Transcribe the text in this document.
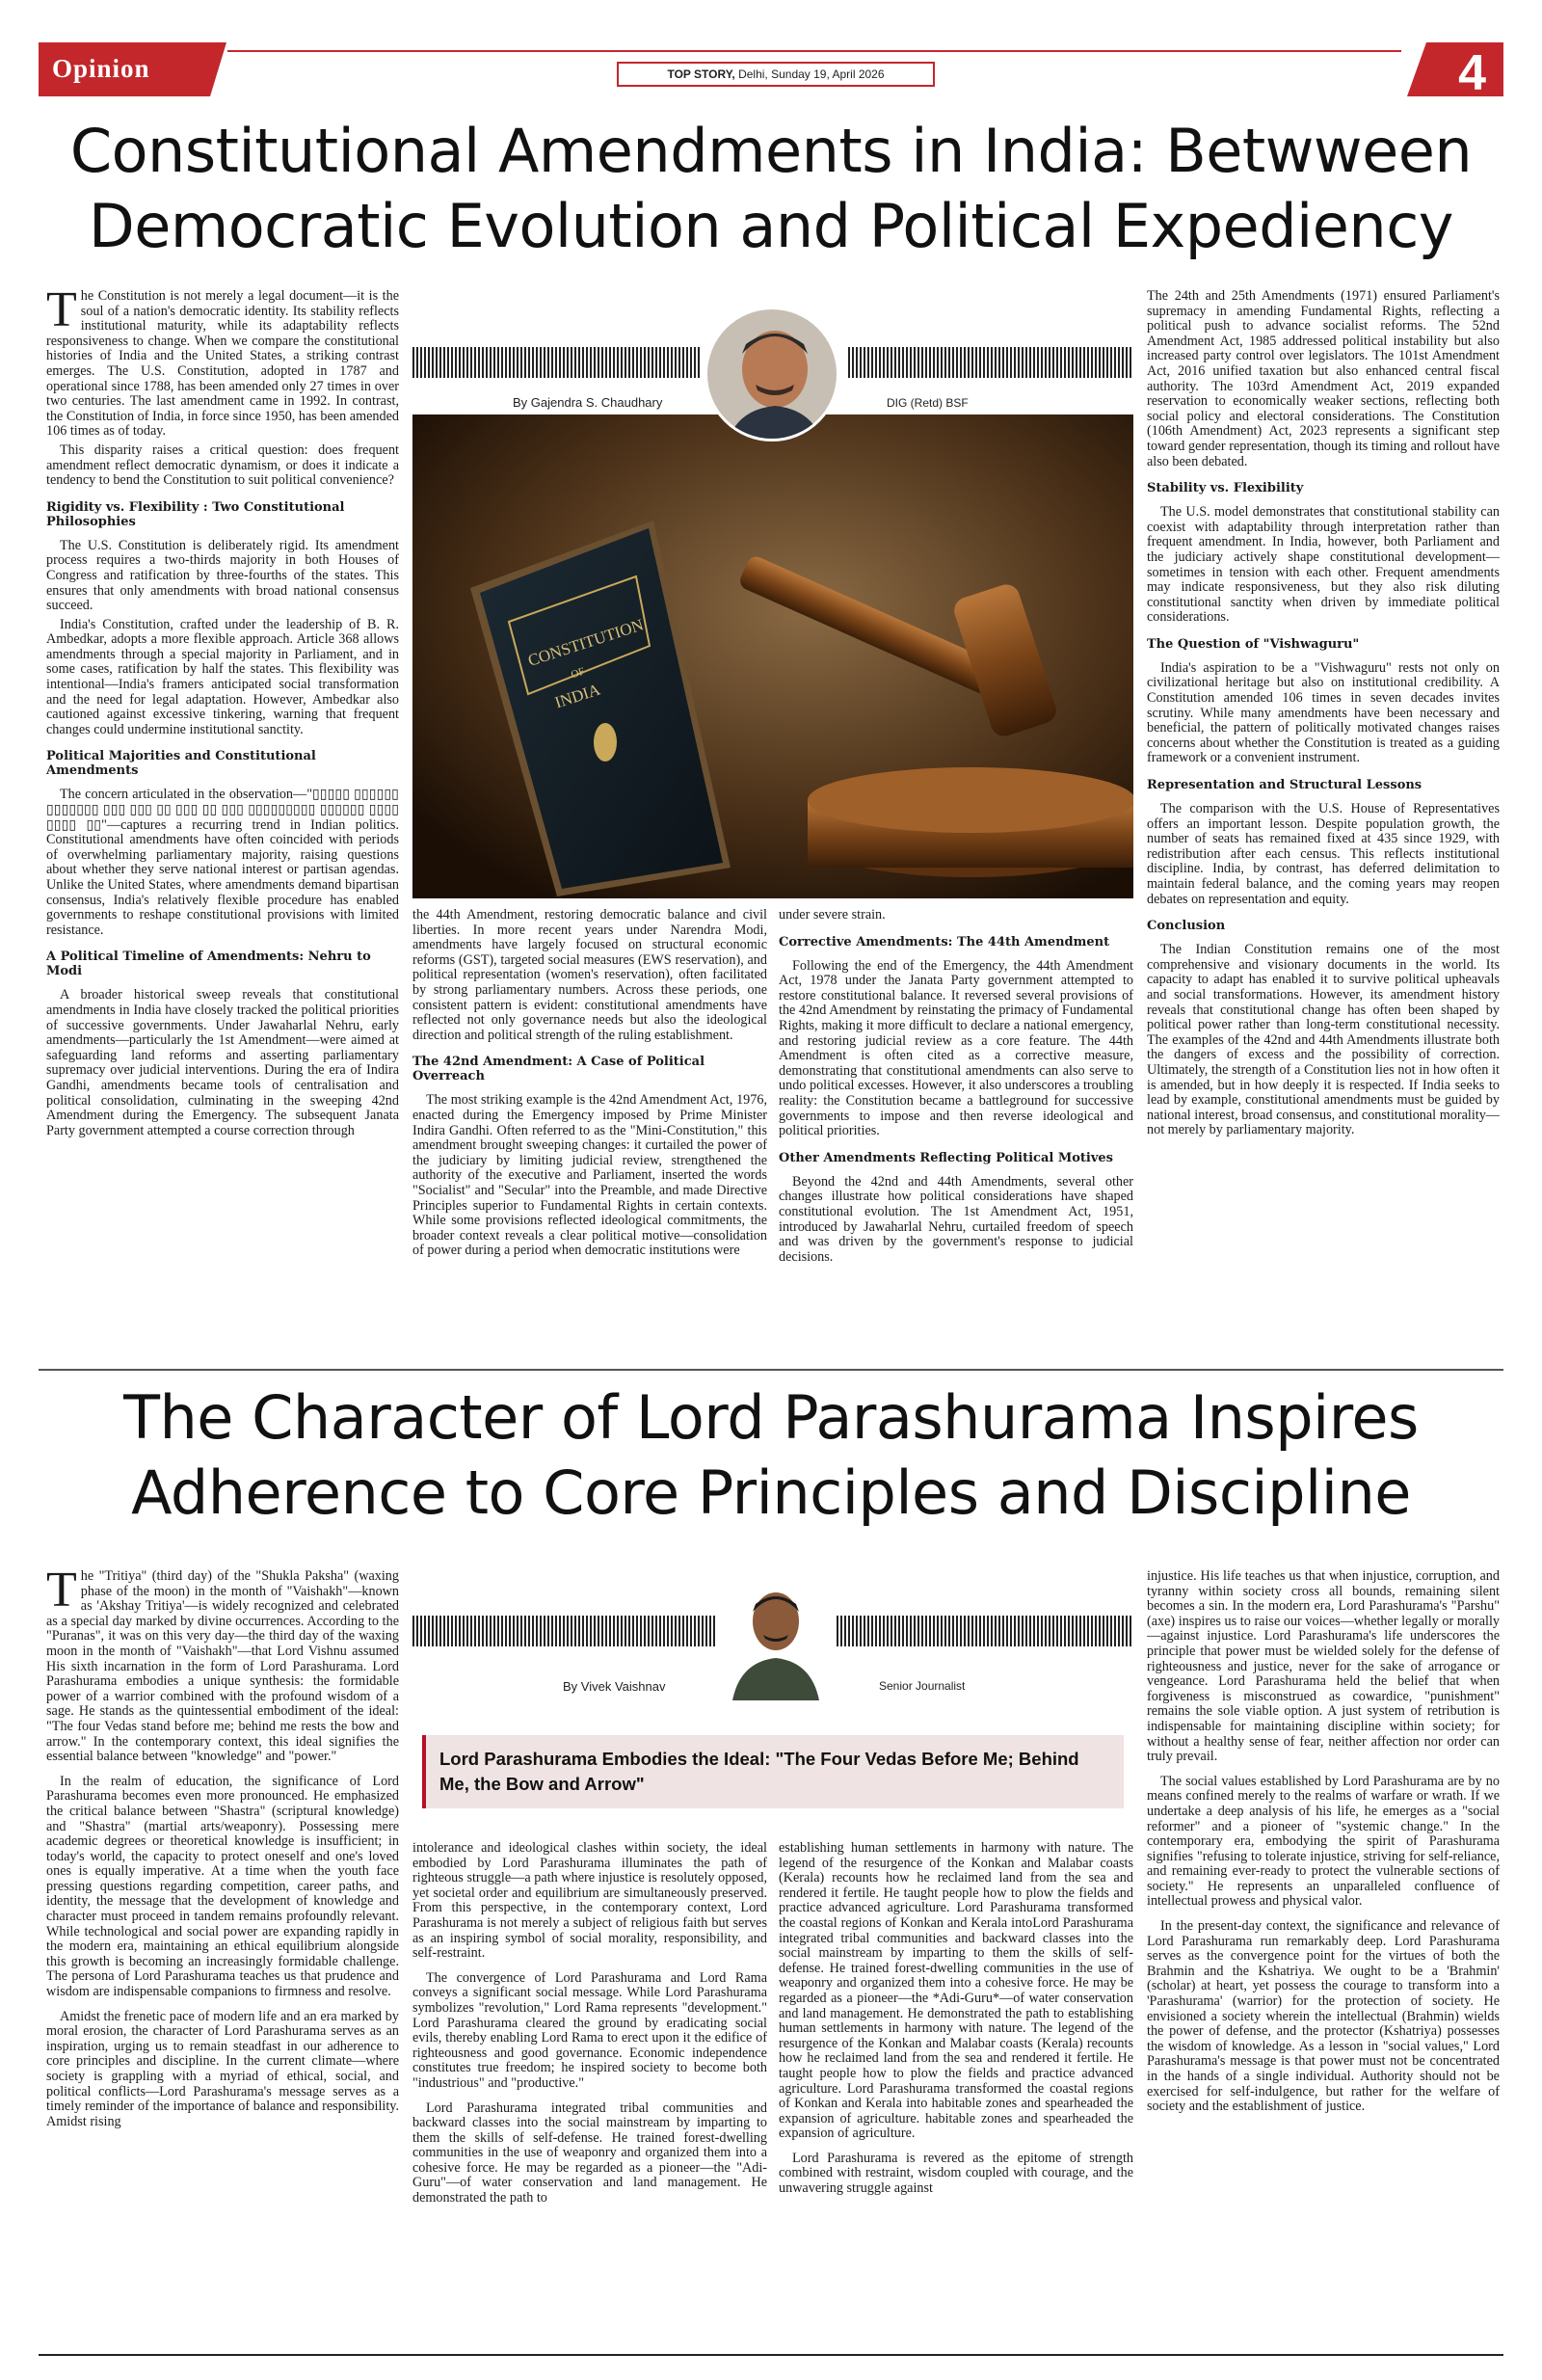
Opinion	TOP STORY, Delhi, Sunday 19, April 2026	4
Constitutional Amendments in India: Betwween
Democratic Evolution and Political Expediency
By Gajendra S. Chaudhary	DIG (Retd) BSF
CONSTITUTION
OF
INDIA

The Constitution is not merely a legal document—it is the soul of a nation's democratic identity. Its stability reflects institutional maturity, while its adaptability reflects responsiveness to change. When we compare the constitutional histories of India and the United States, a striking contrast emerges. The U.S. Constitution, adopted in 1787 and operational since 1788, has been amended only 27 times in over two centuries. The last amendment came in 1992. In contrast, the Constitution of India, in force since 1950, has been amended 106 times as of today.

This disparity raises a critical question: does frequent amendment reflect democratic dynamism, or does it indicate a tendency to bend the Constitution to suit political convenience?

Rigidity vs. Flexibility : Two Constitutional Philosophies

The U.S. Constitution is deliberately rigid. Its amendment process requires a two-thirds majority in both Houses of Congress and ratification by three-fourths of the states. This ensures that only amendments with broad national consensus succeed.

India's Constitution, crafted under the leadership of B. R. Ambedkar, adopts a more flexible approach. Article 368 allows amendments through a special majority in Parliament, and in some cases, ratification by half the states. This flexibility was intentional—India's framers anticipated social transformation and the need for legal adaptation. However, Ambedkar also cautioned against excessive tinkering, warning that frequent changes could undermine institutional sanctity.

Political Majorities and Constitutional Amendments

The concern articulated in the observation—"▯▯▯▯▯ ▯▯▯▯▯▯ ▯▯▯▯▯▯▯ ▯▯▯ ▯▯▯ ▯▯ ▯▯▯ ▯▯ ▯▯▯ ▯▯▯▯▯▯▯▯▯ ▯▯▯▯▯▯ ▯▯▯▯ ▯▯▯▯ ▯▯"—captures a recurring trend in Indian politics. Constitutional amendments have often coincided with periods of overwhelming parliamentary majority, raising questions about whether they serve national interest or partisan agendas. Unlike the United States, where amendments demand bipartisan consensus, India's relatively flexible procedure has enabled governments to reshape constitutional provisions with limited resistance.

A Political Timeline of Amendments: Nehru to Modi

A broader historical sweep reveals that constitutional amendments in India have closely tracked the political priorities of successive governments. Under Jawaharlal Nehru, early amendments—particularly the 1st Amendment—were aimed at safeguarding land reforms and asserting parliamentary supremacy over judicial interventions. During the era of Indira Gandhi, amendments became tools of centralisation and political consolidation, culminating in the sweeping 42nd Amendment during the Emergency. The subsequent Janata Party government attempted a course correction through

the 44th Amendment, restoring democratic balance and civil liberties. In more recent years under Narendra Modi, amendments have largely focused on structural economic reforms (GST), targeted social measures (EWS reservation), and political representation (women's reservation), often facilitated by strong parliamentary numbers. Across these periods, one consistent pattern is evident: constitutional amendments have reflected not only governance needs but also the ideological direction and political strength of the ruling establishment.

The 42nd Amendment: A Case of Political Overreach

The most striking example is the 42nd Amendment Act, 1976, enacted during the Emergency imposed by Prime Minister Indira Gandhi. Often referred to as the "Mini-Constitution," this amendment brought sweeping changes: it curtailed the power of the judiciary by limiting judicial review, strengthened the authority of the executive and Parliament, inserted the words "Socialist" and "Secular" into the Preamble, and made Directive Principles superior to Fundamental Rights in certain contexts. While some provisions reflected ideological commitments, the broader context reveals a clear political motive—consolidation of power during a period when democratic institutions were

under severe strain.

Corrective Amendments: The 44th Amendment

Following the end of the Emergency, the 44th Amendment Act, 1978 under the Janata Party government attempted to restore constitutional balance. It reversed several provisions of the 42nd Amendment by reinstating the primacy of Fundamental Rights, making it more difficult to declare a national emergency, and restoring judicial review as a core feature. The 44th Amendment is often cited as a corrective measure, demonstrating that constitutional amendments can also serve to undo political excesses. However, it also underscores a troubling reality: the Constitution became a battleground for successive governments to impose and then reverse ideological and political priorities.

Other Amendments Reflecting Political Motives

Beyond the 42nd and 44th Amendments, several other changes illustrate how political considerations have shaped constitutional evolution. The 1st Amendment Act, 1951, introduced by Jawaharlal Nehru, curtailed freedom of speech and was driven by the government's response to judicial decisions.

The 24th and 25th Amendments (1971) ensured Parliament's supremacy in amending Fundamental Rights, reflecting a political push to advance socialist reforms. The 52nd Amendment Act, 1985 addressed political instability but also increased party control over legislators. The 101st Amendment Act, 2016 unified taxation but also enhanced central fiscal authority. The 103rd Amendment Act, 2019 expanded reservation to economically weaker sections, reflecting both social policy and electoral considerations. The Constitution (106th Amendment) Act, 2023 represents a significant step toward gender representation, though its timing and rollout have also been debated.

Stability vs. Flexibility

The U.S. model demonstrates that constitutional stability can coexist with adaptability through interpretation rather than frequent amendment. In India, however, both Parliament and the judiciary actively shape constitutional development—sometimes in tension with each other. Frequent amendments may indicate responsiveness, but they also risk diluting constitutional sanctity when driven by immediate political considerations.

The Question of "Vishwaguru"

India's aspiration to be a "Vishwaguru" rests not only on civilizational heritage but also on institutional credibility. A Constitution amended 106 times in seven decades invites scrutiny. While many amendments have been necessary and beneficial, the pattern of politically motivated changes raises concerns about whether the Constitution is treated as a guiding framework or a convenient instrument.

Representation and Structural Lessons

The comparison with the U.S. House of Representatives offers an important lesson. Despite population growth, the number of seats has remained fixed at 435 since 1929, with redistribution after each census. This reflects institutional discipline. India, by contrast, has deferred delimitation to maintain federal balance, and the coming years may reopen debates on representation and equity.

Conclusion

The Indian Constitution remains one of the most comprehensive and visionary documents in the world. Its capacity to adapt has enabled it to survive political upheavals and social transformations. However, its amendment history reveals that constitutional change has often been shaped by political power rather than long-term constitutional necessity. The examples of the 42nd and 44th Amendments illustrate both the dangers of excess and the possibility of correction. Ultimately, the strength of a Constitution lies not in how often it is amended, but in how deeply it is respected. If India seeks to lead by example, constitutional amendments must be guided by national interest, broad consensus, and constitutional morality—not merely by parliamentary majority.

The Character of Lord Parashurama Inspires
Adherence to Core Principles and Discipline
By Vivek Vaishnav	Senior Journalist
Lord Parashurama Embodies the Ideal: "The Four Vedas Before Me; Behind Me, the Bow and Arrow"

The "Tritiya" (third day) of the "Shukla Paksha" (waxing phase of the moon) in the month of "Vaishakh"—known as 'Akshay Tritiya'—is widely recognized and celebrated as a special day marked by divine occurrences. According to the "Puranas", it was on this very day—the third day of the waxing moon in the month of "Vaishakh"—that Lord Vishnu assumed His sixth incarnation in the form of Lord Parashurama. Lord Parashurama embodies a unique synthesis: the formidable power of a warrior combined with the profound wisdom of a sage. He stands as the quintessential embodiment of the ideal: "The four Vedas stand before me; behind me rests the bow and arrow." In the contemporary context, this ideal signifies the essential balance between "knowledge" and "power."

In the realm of education, the significance of Lord Parashurama becomes even more pronounced. He emphasized the critical balance between "Shastra" (scriptural knowledge) and "Shastra" (martial arts/weaponry). Possessing mere academic degrees or theoretical knowledge is insufficient; in today's world, the capacity to protect oneself and one's loved ones is equally imperative. At a time when the youth face pressing questions regarding competition, career paths, and identity, the message that the development of knowledge and character must proceed in tandem remains profoundly relevant. While technological and social power are expanding rapidly in the modern era, maintaining an ethical equilibrium alongside this growth is becoming an increasingly formidable challenge. The persona of Lord Parashurama teaches us that prudence and wisdom are indispensable companions to firmness and resolve.

Amidst the frenetic pace of modern life and an era marked by moral erosion, the character of Lord Parashurama serves as an inspiration, urging us to remain steadfast in our adherence to core principles and discipline. In the current climate—where society is grappling with a myriad of ethical, social, and political conflicts—Lord Parashurama's message serves as a timely reminder of the importance of balance and responsibility. Amidst rising

intolerance and ideological clashes within society, the ideal embodied by Lord Parashurama illuminates the path of righteous struggle—a path where injustice is resolutely opposed, yet societal order and equilibrium are simultaneously preserved. From this perspective, in the contemporary context, Lord Parashurama is not merely a subject of religious faith but serves as an inspiring symbol of social morality, responsibility, and self-restraint.

The convergence of Lord Parashurama and Lord Rama conveys a significant social message. While Lord Parashurama symbolizes "revolution," Lord Rama represents "development." Lord Parashurama cleared the ground by eradicating social evils, thereby enabling Lord Rama to erect upon it the edifice of righteousness and good governance. Economic independence constitutes true freedom; he inspired society to become both "industrious" and "productive."

Lord Parashurama integrated tribal communities and backward classes into the social mainstream by imparting to them the skills of self-defense. He trained forest-dwelling communities in the use of weaponry and organized them into a cohesive force. He may be regarded as a pioneer—the "Adi-Guru"—of water conservation and land management. He demonstrated the path to

establishing human settlements in harmony with nature. The legend of the resurgence of the Konkan and Malabar coasts (Kerala) recounts how he reclaimed land from the sea and rendered it fertile. He taught people how to plow the fields and practice advanced agriculture. Lord Parashurama transformed the coastal regions of Konkan and Kerala intoLord Parashurama integrated tribal communities and backward classes into the social mainstream by imparting to them the skills of self-defense. He trained forest-dwelling communities in the use of weaponry and organized them into a cohesive force. He may be regarded as a pioneer—the *Adi-Guru*—of water conservation and land management. He demonstrated the path to establishing human settlements in harmony with nature. The legend of the resurgence of the Konkan and Malabar coasts (Kerala) recounts how he reclaimed land from the sea and rendered it fertile. He taught people how to plow the fields and practice advanced agriculture. Lord Parashurama transformed the coastal regions of Konkan and Kerala into habitable zones and spearheaded the expansion of agriculture. habitable zones and spearheaded the expansion of agriculture.

Lord Parashurama is revered as the epitome of strength combined with restraint, wisdom coupled with courage, and the unwavering struggle against

injustice. His life teaches us that when injustice, corruption, and tyranny within society cross all bounds, remaining silent becomes a sin. In the modern era, Lord Parashurama's "Parshu" (axe) inspires us to raise our voices—whether legally or morally—against injustice. Lord Parashurama's life underscores the principle that power must be wielded solely for the defense of righteousness and justice, never for the sake of arrogance or vengeance. Lord Parashurama held the belief that when forgiveness is misconstrued as cowardice, "punishment" remains the sole viable option. A just system of retribution is indispensable for maintaining discipline within society; for without a healthy sense of fear, neither affection nor order can truly prevail.

The social values established by Lord Parashurama are by no means confined merely to the realms of warfare or wrath. If we undertake a deep analysis of his life, he emerges as a "social reformer" and a pioneer of "systemic change." In the contemporary era, embodying the spirit of Parashurama signifies "refusing to tolerate injustice, striving for self-reliance, and remaining ever-ready to protect the vulnerable sections of society." He represents an unparalleled confluence of intellectual prowess and physical valor.

In the present-day context, the significance and relevance of Lord Parashurama run remarkably deep. Lord Parashurama serves as the convergence point for the virtues of both the Brahmin and the Kshatriya. We ought to be a 'Brahmin' (scholar) at heart, yet possess the courage to transform into a 'Parashurama' (warrior) for the protection of society. He envisioned a society wherein the intellectual (Brahmin) wields the power of defense, and the protector (Kshatriya) possesses the wisdom of knowledge. As a lesson in "social values," Lord Parashurama's message is that power must not be concentrated in the hands of a single individual. Authority should not be exercised for self-indulgence, but rather for the welfare of society and the establishment of justice.
